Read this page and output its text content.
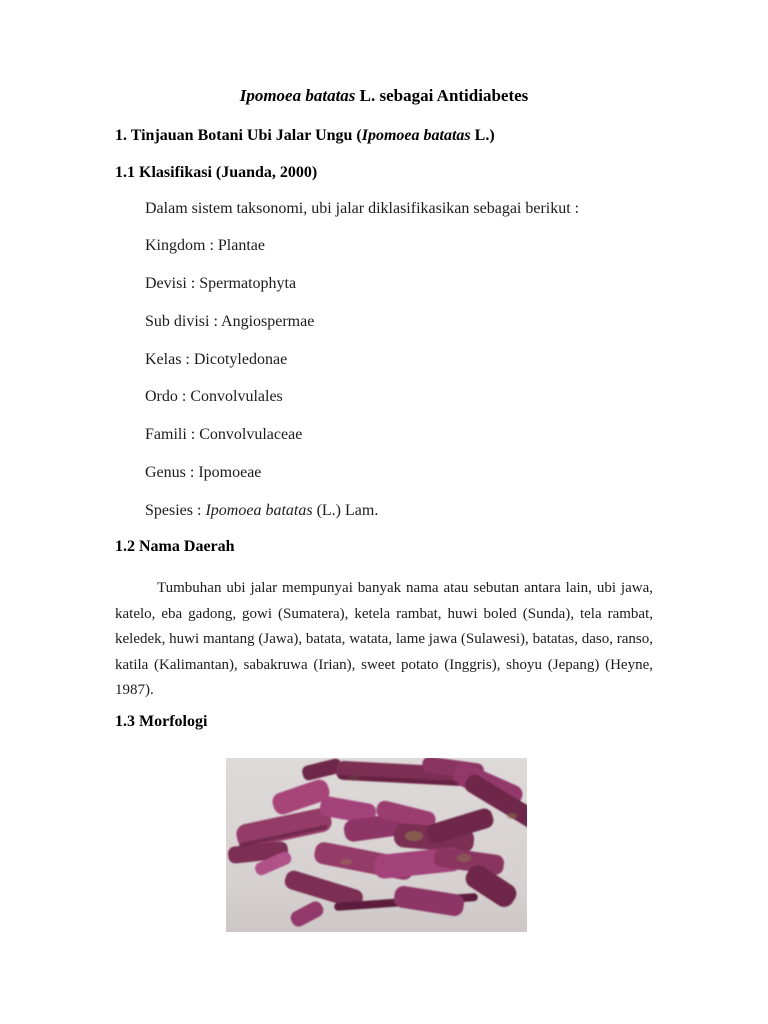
Ipomoea batatas L. sebagai Antidiabetes
1. Tinjauan Botani Ubi Jalar Ungu (Ipomoea batatas L.)
1.1 Klasifikasi (Juanda, 2000)
Dalam sistem taksonomi, ubi jalar diklasifikasikan sebagai berikut :
Kingdom : Plantae
Devisi : Spermatophyta
Sub divisi : Angiospermae
Kelas : Dicotyledonae
Ordo : Convolvulales
Famili : Convolvulaceae
Genus : Ipomoeae
Spesies : Ipomoea batatas (L.) Lam.
1.2 Nama Daerah
Tumbuhan ubi jalar mempunyai banyak nama atau sebutan antara lain, ubi jawa, katelo, eba gadong, gowi (Sumatera), ketela rambat, huwi boled (Sunda), tela rambat, keledek, huwi mantang (Jawa), batata, watata, lame jawa (Sulawesi), batatas, daso, ranso, katila (Kalimantan), sabakruwa (Irian), sweet potato (Inggris), shoyu (Jepang) (Heyne, 1987).
1.3 Morfologi
